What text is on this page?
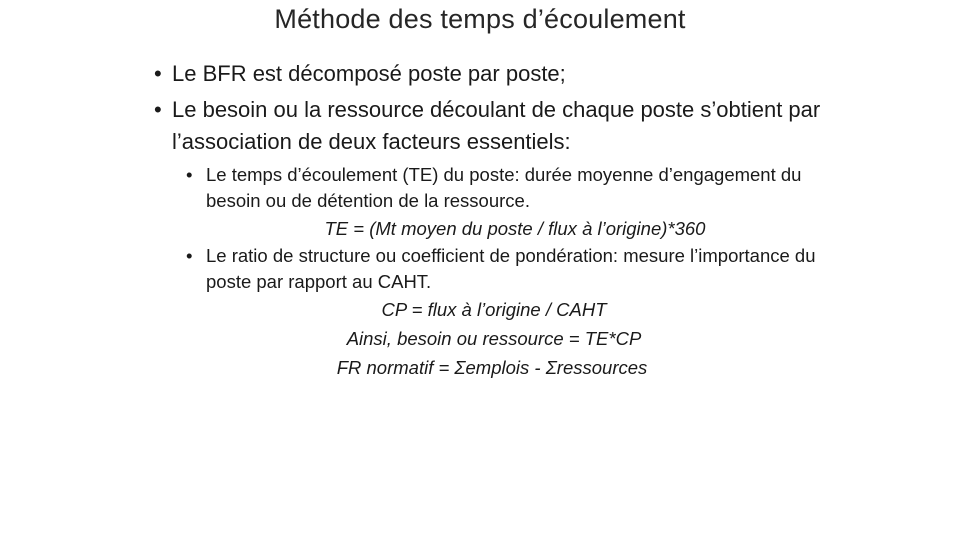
Méthode des temps d’écoulement
• Le BFR est décomposé poste par poste;
• Le besoin ou la ressource découlant de chaque poste s’obtient par l’association de deux facteurs essentiels:
• Le temps d’écoulement (TE) du poste: durée moyenne d’engagement du besoin ou de détention de la ressource.
TE = (Mt moyen du poste / flux à l’origine)*360
• Le ratio de structure ou coefficient de pondération: mesure l’importance du poste par rapport au CAHT.
CP = flux à l’origine / CAHT
Ainsi, besoin ou ressource = TE*CP
FR normatif = Σemplois - Σressources
